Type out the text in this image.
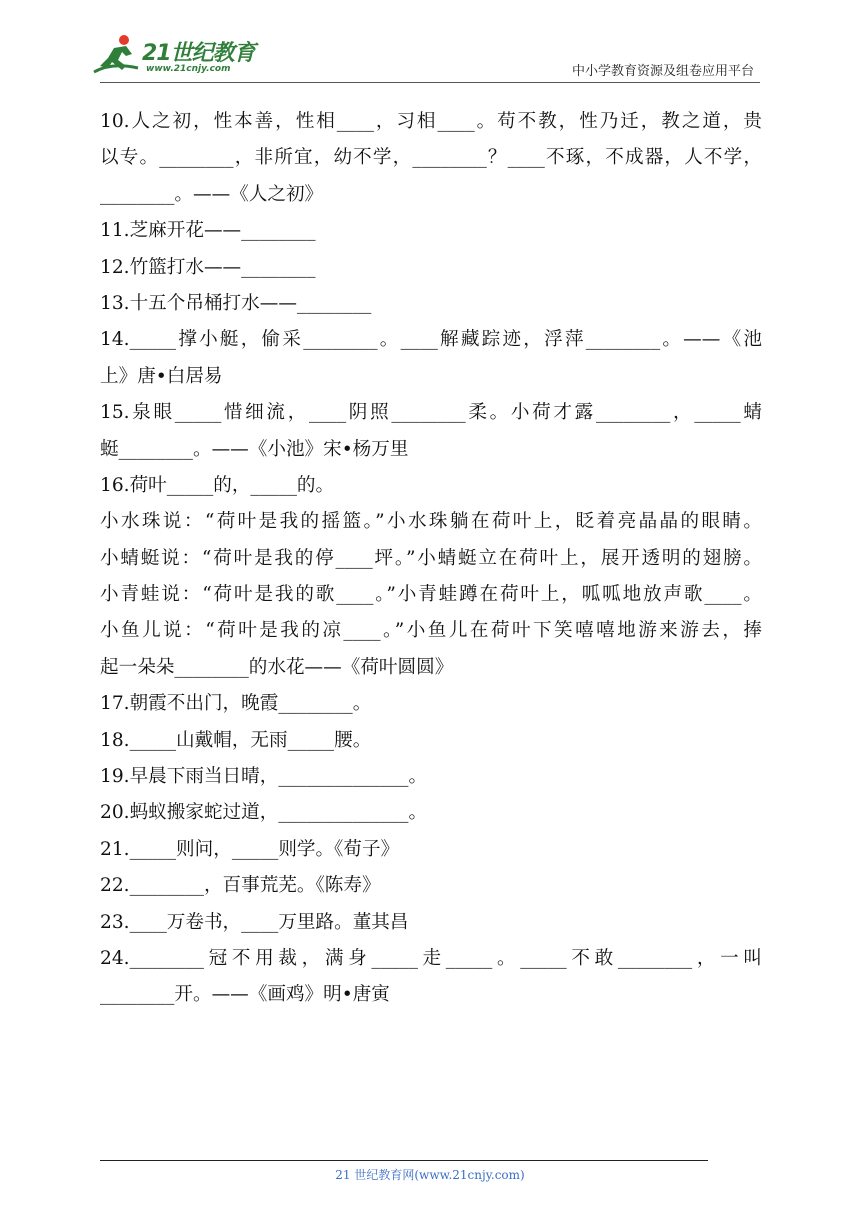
21世纪教育
www.21cnjy.com	中小学教育资源及组卷应用平台
10.人之初，性本善，性相____，习相____。苟不教，性乃迁，教之道，贵
以专。________，非所宜，幼不学，________？____不琢，不成器，人不学，
________。——《人之初》
11.芝麻开花——________
12.竹篮打水——________
13.十五个吊桶打水——________
14._____撑小艇，偷采________。____解藏踪迹，浮萍________。——《池
上》唐•白居易
15.泉眼_____惜细流，____阴照________柔。小荷才露________，_____蜻
蜓________。——《小池》宋•杨万里
16.荷叶_____的，_____的。
小水珠说：“荷叶是我的摇篮。”小水珠躺在荷叶上，眨着亮晶晶的眼睛。
小蜻蜓说：“荷叶是我的停____坪。”小蜻蜓立在荷叶上，展开透明的翅膀。
小青蛙说：“荷叶是我的歌____。”小青蛙蹲在荷叶上，呱呱地放声歌____。
小鱼儿说：“荷叶是我的凉____。”小鱼儿在荷叶下笑嘻嘻地游来游去，捧
起一朵朵________的水花——《荷叶圆圆》
17.朝霞不出门，晚霞________。
18._____山戴帽，无雨_____腰。
19.早晨下雨当日晴，______________。
20.蚂蚁搬家蛇过道，______________。
21._____则问，_____则学。《荀子》
22.________，百事荒芜。《陈寿》
23.____万卷书，____万里路。董其昌
24.________冠不用裁，满身_____走_____。_____不敢________，一叫
________开。——《画鸡》明•唐寅
21 世纪教育网(www.21cnjy.com)
